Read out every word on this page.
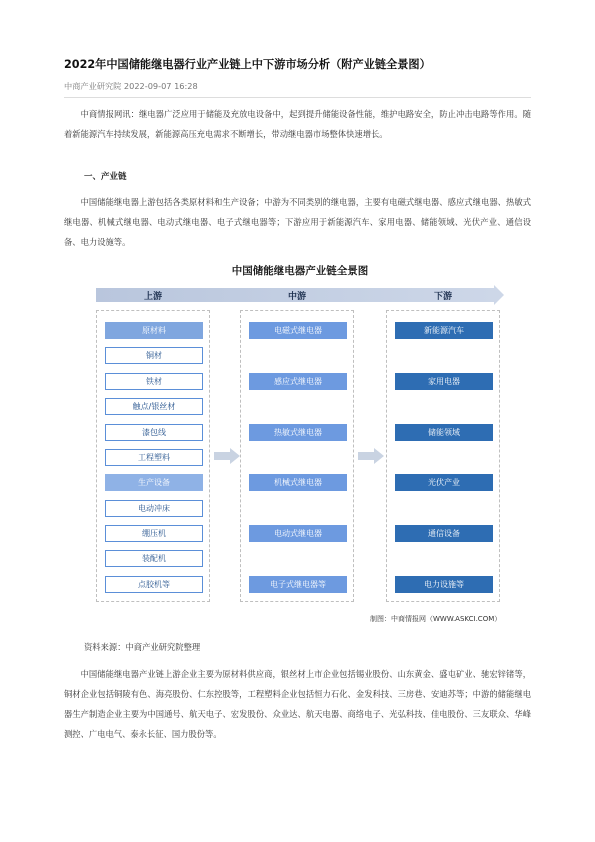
2022年中国储能继电器行业产业链上中下游市场分析（附产业链全景图）
中商产业研究院 2022-09-07 16:28
中商情报网讯：继电器广泛应用于储能及充放电设备中，起到提升储能设备性能，维护电路安全，防止冲击电路等作用。随着新能源汽车持续发展，新能源高压充电需求不断增长，带动继电器市场整体快速增长。
一、产业链
中国储能继电器上游包括各类原材料和生产设备；中游为不同类别的继电器，主要有电磁式继电器、感应式继电器、热敏式继电器、机械式继电器、电动式继电器、电子式继电器等；下游应用于新能源汽车、家用电器、储能领域、光伏产业、通信设备、电力设施等。
中国储能继电器产业链全景图
上游	中游	下游
原材料
铜材
铁材
触点/银丝材
漆包线
工程塑料
生产设备
电动冲床
绷压机
装配机
点胶机等
电磁式继电器
感应式继电器
热敏式继电器
机械式继电器
电动式继电器
电子式继电器等
新能源汽车
家用电器
储能领域
光伏产业
通信设备
电力设施等
制图：中商情报网（WWW.ASKCI.COM）
资料来源：中商产业研究院整理
中国储能继电器产业链上游企业主要为原材料供应商，银丝材上市企业包括锡业股份、山东黄金、盛屯矿业、驰宏锌锗等，铜材企业包括铜陵有色、海亮股份、仁东控股等，工程塑料企业包括恒力石化、金发科技、三房巷、安迪苏等；中游的储能继电器生产制造企业主要为中国通号、航天电子、宏发股份、众业达、航天电器、商络电子、光弘科技、佳电股份、三友联众、华峰测控、广电电气、泰永长征、国力股份等。
